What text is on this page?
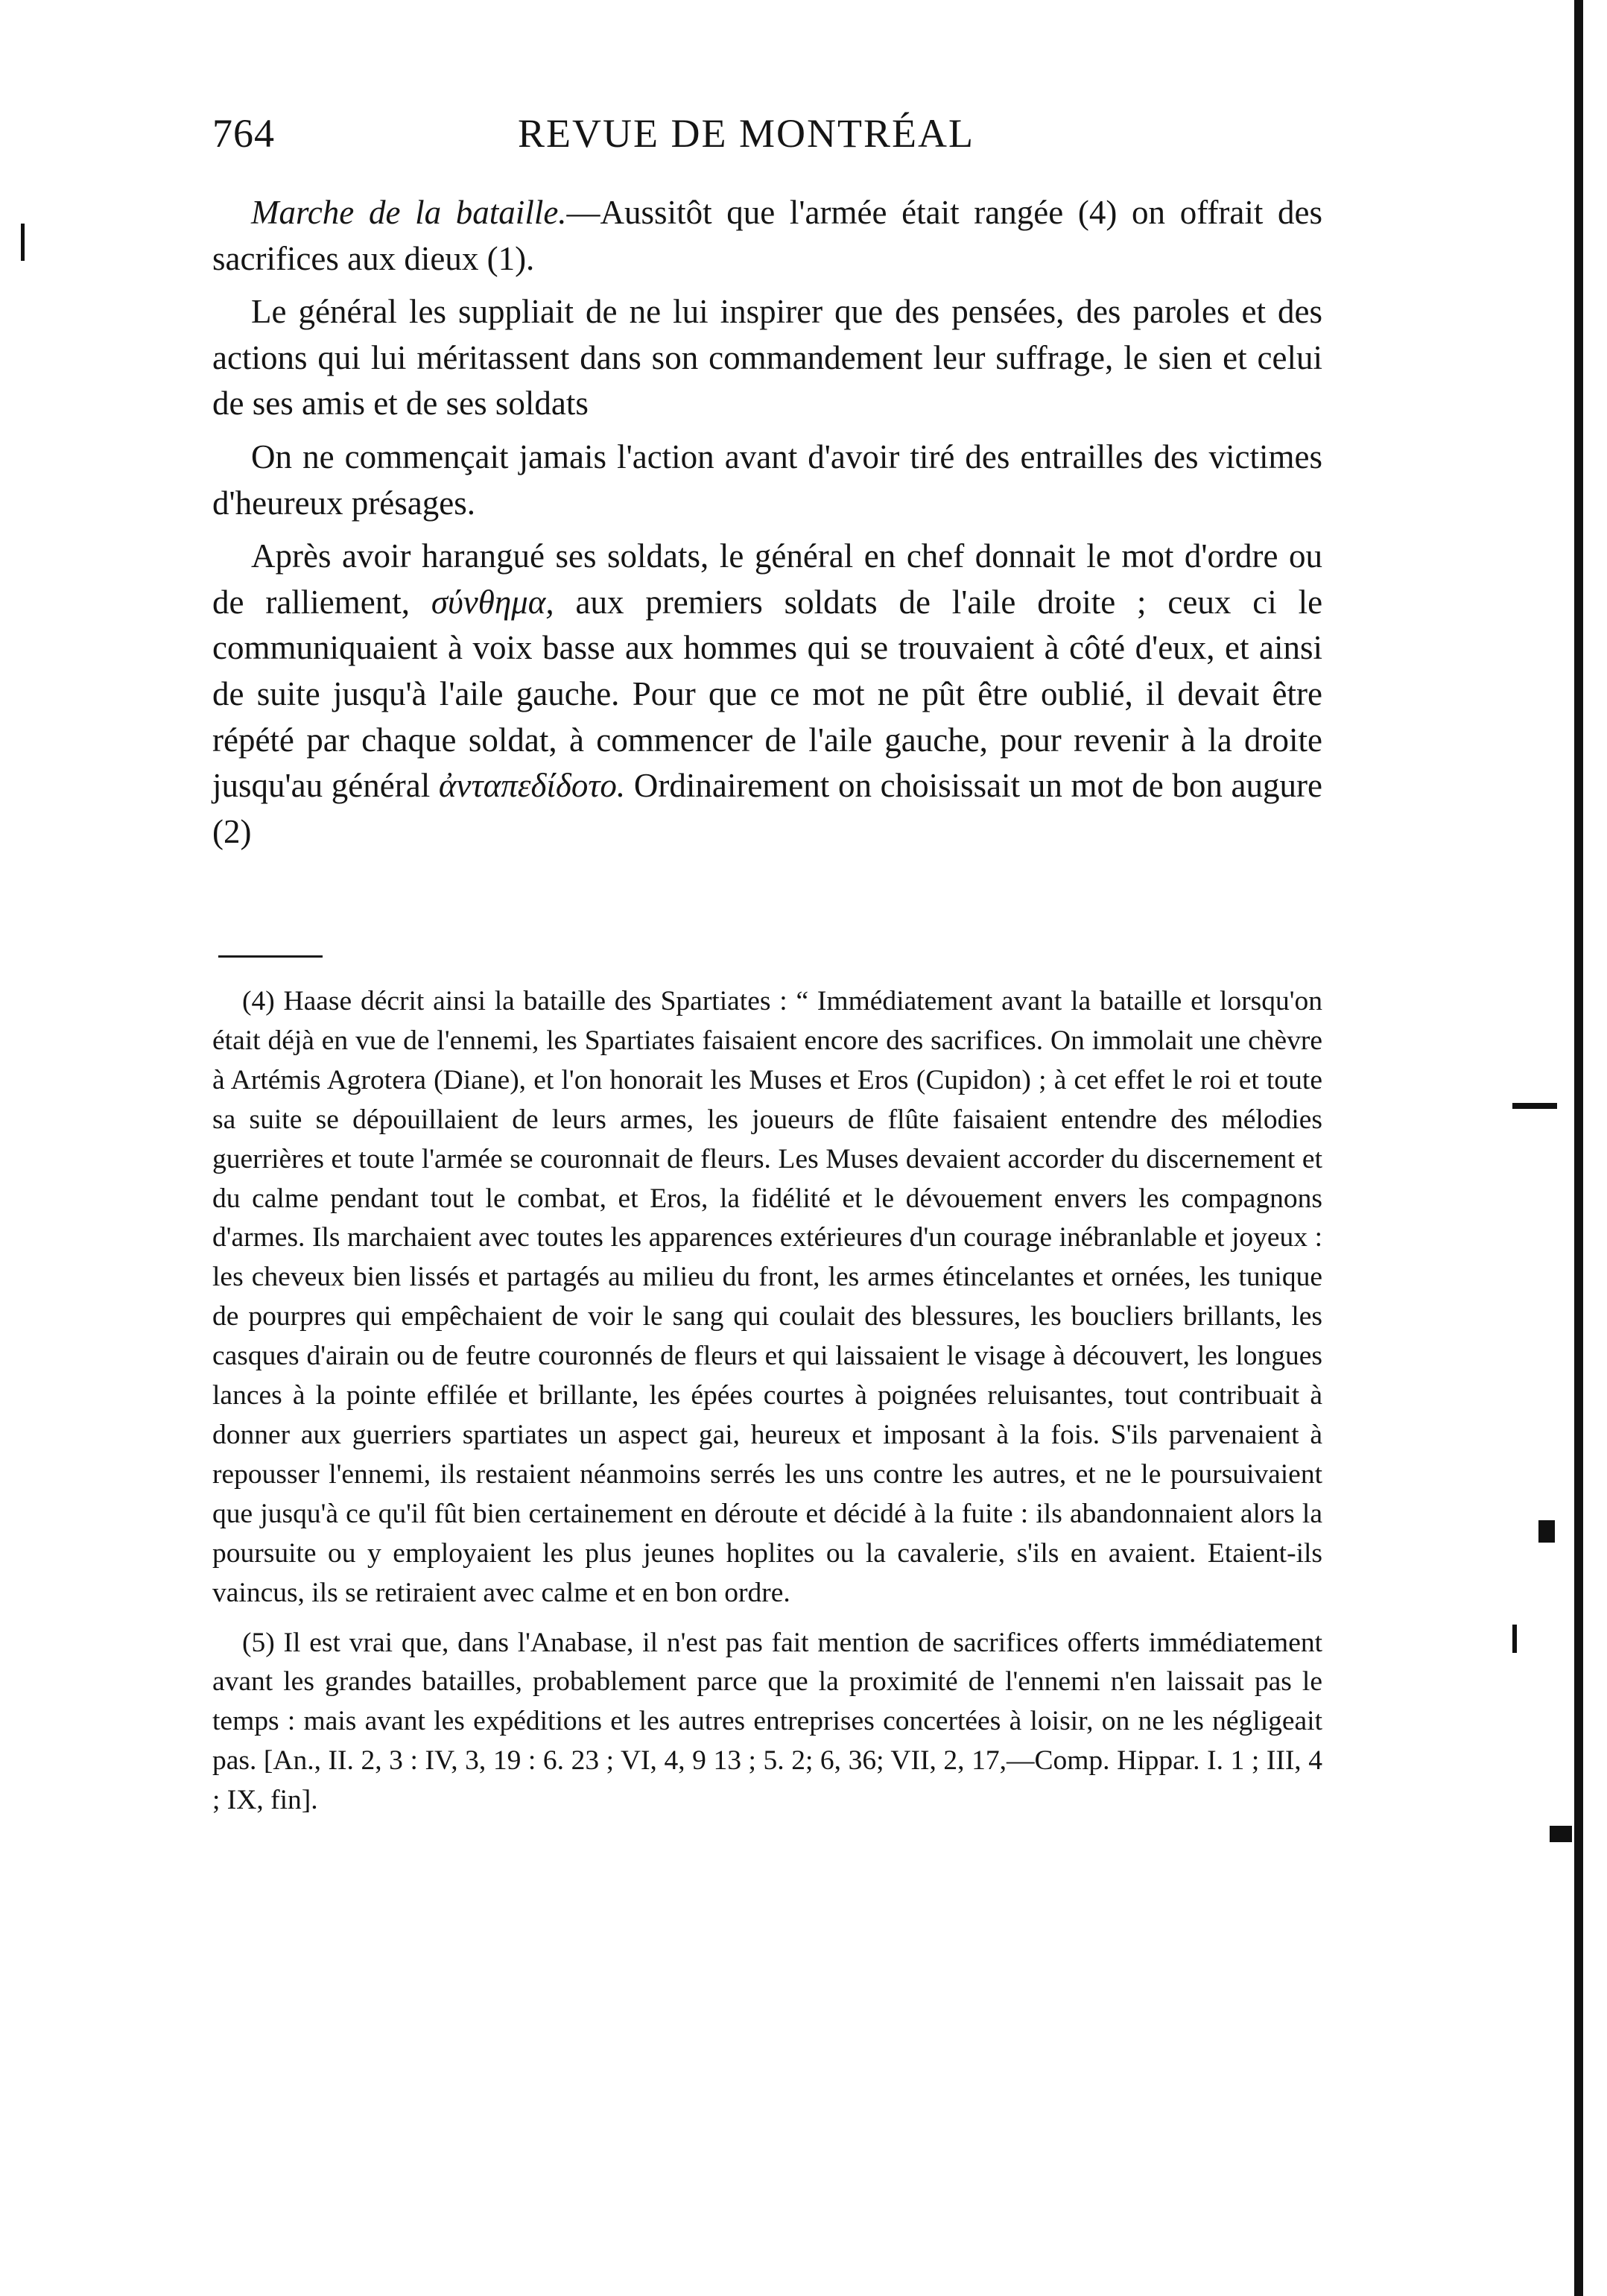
764	REVUE DE MONTRÉAL

Marche de la bataille.—Aussitôt que l'armée était rangée (4) on offrait des sacrifices aux dieux (1).

Le général les suppliait de ne lui inspirer que des pensées, des paroles et des actions qui lui méritassent dans son commandement leur suffrage, le sien et celui de ses amis et de ses soldats

On ne commençait jamais l'action avant d'avoir tiré des entrailles des victimes d'heureux présages.

Après avoir harangué ses soldats, le général en chef donnait le mot d'ordre ou de ralliement, σύνθημα, aux premiers soldats de l'aile droite ; ceux ci le communiquaient à voix basse aux hommes qui se trouvaient à côté d'eux, et ainsi de suite jusqu'à l'aile gauche. Pour que ce mot ne pût être oublié, il devait être répété par chaque soldat, à commencer de l'aile gauche, pour revenir à la droite jusqu'au général ἀνταπεδίδοτο. Ordinairement on choisissait un mot de bon augure (2)

(4) Haase décrit ainsi la bataille des Spartiates : “ Immédiatement avant la bataille et lorsqu'on était déjà en vue de l'ennemi, les Spartiates faisaient encore des sacrifices. On immolait une chèvre à Artémis Agrotera (Diane), et l'on honorait les Muses et Eros (Cupidon) ; à cet effet le roi et toute sa suite se dépouillaient de leurs armes, les joueurs de flûte faisaient entendre des mélodies guerrières et toute l'armée se couronnait de fleurs. Les Muses devaient accorder du discernement et du calme pendant tout le combat, et Eros, la fidélité et le dévouement envers les compagnons d'armes. Ils marchaient avec toutes les apparences extérieures d'un courage inébranlable et joyeux : les cheveux bien lissés et partagés au milieu du front, les armes étincelantes et ornées, les tunique de pourpres qui empêchaient de voir le sang qui coulait des blessures, les boucliers brillants, les casques d'airain ou de feutre couronnés de fleurs et qui laissaient le visage à découvert, les longues lances à la pointe effilée et brillante, les épées courtes à poignées reluisantes, tout contribuait à donner aux guerriers spartiates un aspect gai, heureux et imposant à la fois. S'ils parvenaient à repousser l'ennemi, ils restaient néanmoins serrés les uns contre les autres, et ne le poursuivaient que jusqu'à ce qu'il fût bien certainement en déroute et décidé à la fuite : ils abandonnaient alors la poursuite ou y employaient les plus jeunes hoplites ou la cavalerie, s'ils en avaient. Etaient-ils vaincus, ils se retiraient avec calme et en bon ordre.

(5) Il est vrai que, dans l'Anabase, il n'est pas fait mention de sacrifices offerts immédiatement avant les grandes batailles, probablement parce que la proximité de l'ennemi n'en laissait pas le temps : mais avant les expéditions et les autres entreprises concertées à loisir, on ne les négligeait pas. [An., II. 2, 3 : IV, 3, 19 : 6. 23 ; VI, 4, 9 13 ; 5. 2; 6, 36; VII, 2, 17,—Comp. Hippar. I. 1 ; III, 4 ; IX, fin].
